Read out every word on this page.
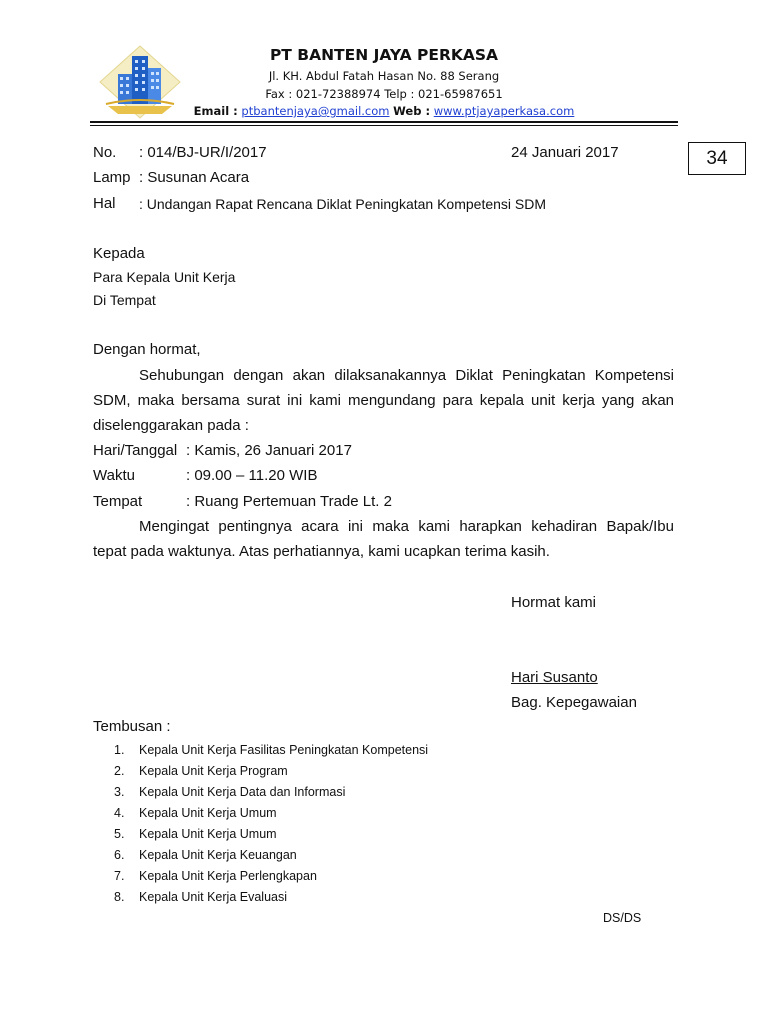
PT BANTEN JAYA PERKASA
Jl. KH. Abdul Fatah Hasan No. 88 Serang
Fax : 021-72388974 Telp : 021-65987651
Email : ptbantenjaya@gmail.com Web : www.ptjayaperkasa.com
34
No. : 014/BJ-UR/I/2017	24 Januari 2017
Lamp : Susunan Acara
Hal : Undangan Rapat Rencana Diklat Peningkatan Kompetensi SDM
Kepada
Para Kepala Unit Kerja
Di Tempat
Dengan hormat,
Sehubungan dengan akan dilaksanakannya Diklat Peningkatan Kompetensi
SDM, maka bersama surat ini kami mengundang para kepala unit kerja yang akan
diselenggarakan pada :
Hari/Tanggal : Kamis, 26 Januari 2017
Waktu	: 09.00 – 11.20 WIB
Tempat	: Ruang Pertemuan Trade Lt. 2
Mengingat pentingnya acara ini maka kami harapkan kehadiran Bapak/Ibu
tepat pada waktunya. Atas perhatiannya, kami ucapkan terima kasih.
Hormat kami
Hari Susanto
Bag. Kepegawaian
Tembusan :
1. Kepala Unit Kerja Fasilitas Peningkatan Kompetensi
2. Kepala Unit Kerja Program
3. Kepala Unit Kerja Data dan Informasi
4. Kepala Unit Kerja Umum
5. Kepala Unit Kerja Umum
6. Kepala Unit Kerja Keuangan
7. Kepala Unit Kerja Perlengkapan
8. Kepala Unit Kerja Evaluasi
DS/DS
